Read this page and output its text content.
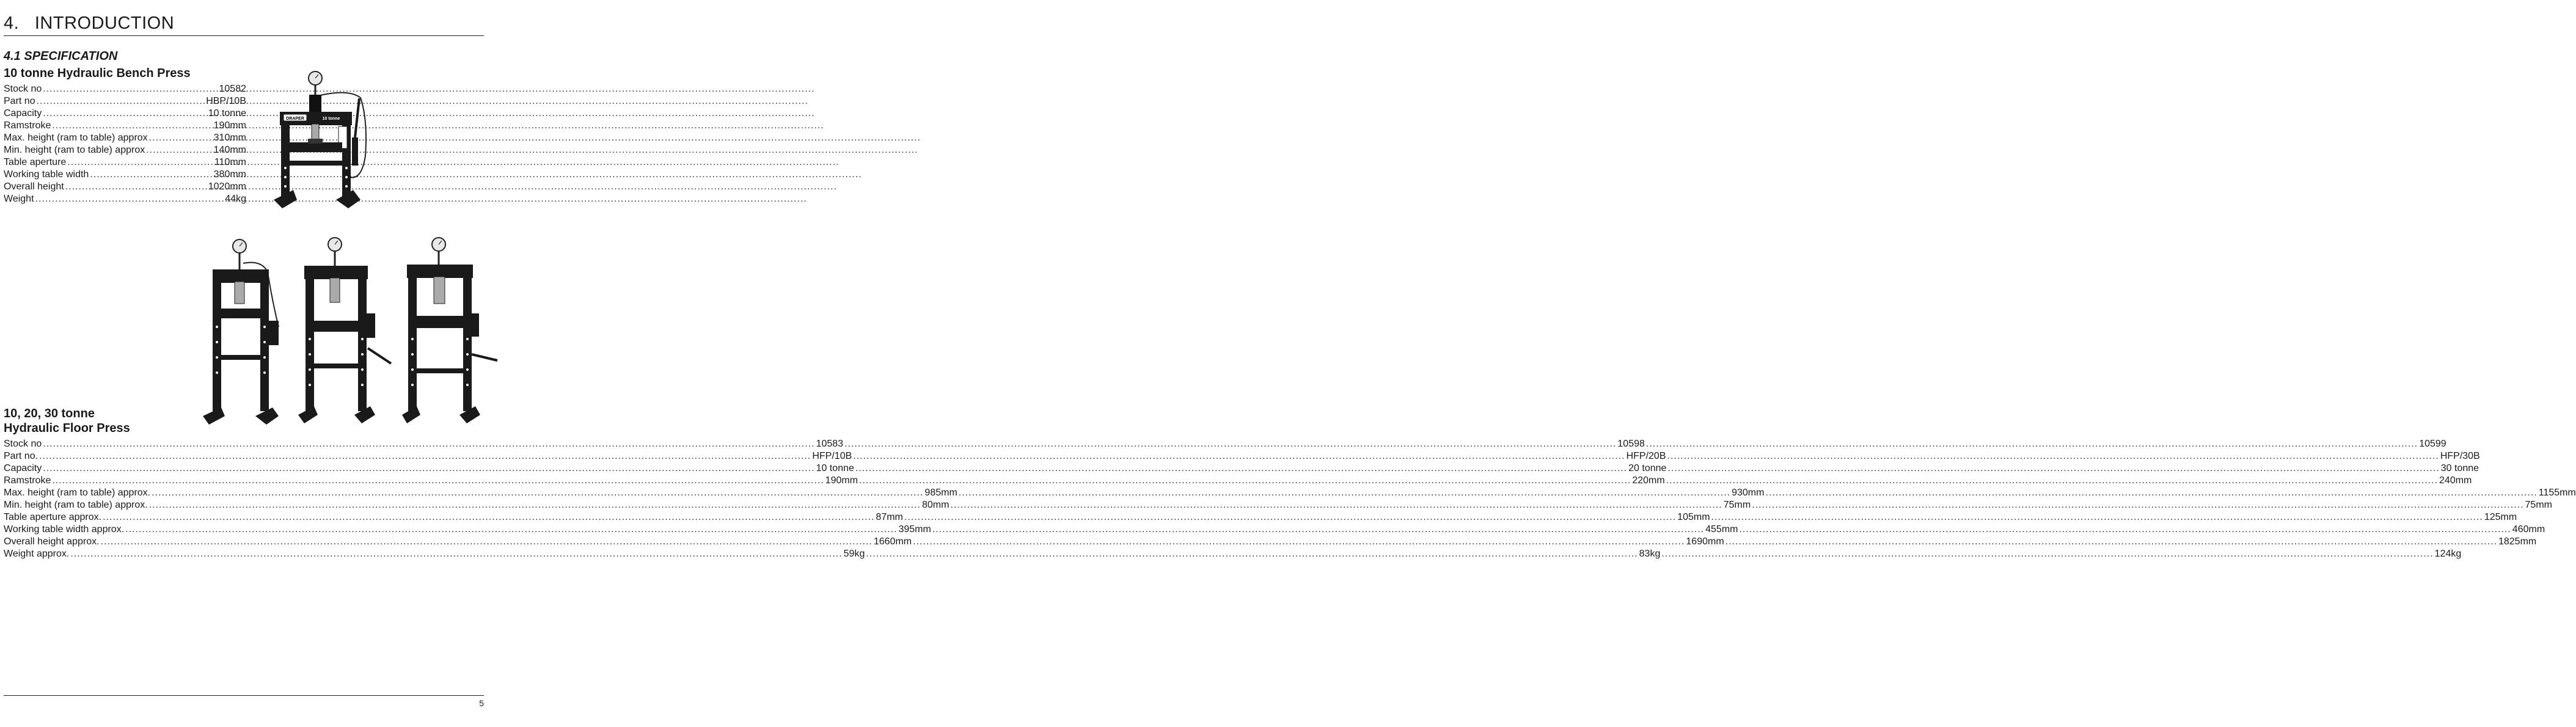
4. INTRODUCTION
4.1 SPECIFICATION
10 tonne Hydraulic Bench Press
Stock no .....	10582
Part no .....	HBP/10B
Capacity .....	10 tonne
Ramstroke .....	190mm
Max. height (ram to table) approx .....	310mm
Min. height (ram to table) approx .....	140mm
Table aperture .....	110mm
Working table width .....	380mm
Overall height .....	1020mm
Weight .....	44kg
DRAPER	10 tonne
10, 20, 30 tonne
Hydraulic Floor Press
Stock no .....	10583 .....	10598 .....	10599
Part no. .....	HFP/10B .....	HFP/20B .....	HFP/30B
Capacity .....	10 tonne .....	20 tonne .....	30 tonne
Ramstroke .....	190mm .....	220mm .....	240mm
Max. height (ram to table) approx. .....	985mm .....	930mm .....	1155mm
Min. height (ram to table) approx. .....	80mm .....	75mm .....	75mm
Table aperture approx. .....	87mm .....	105mm .....	125mm
Working table width approx. .....	395mm .....	455mm .....	460mm
Overall height approx. .....	1660mm .....	1690mm .....	1825mm
Weight approx. .....	59kg .....	83kg .....	124kg
5
